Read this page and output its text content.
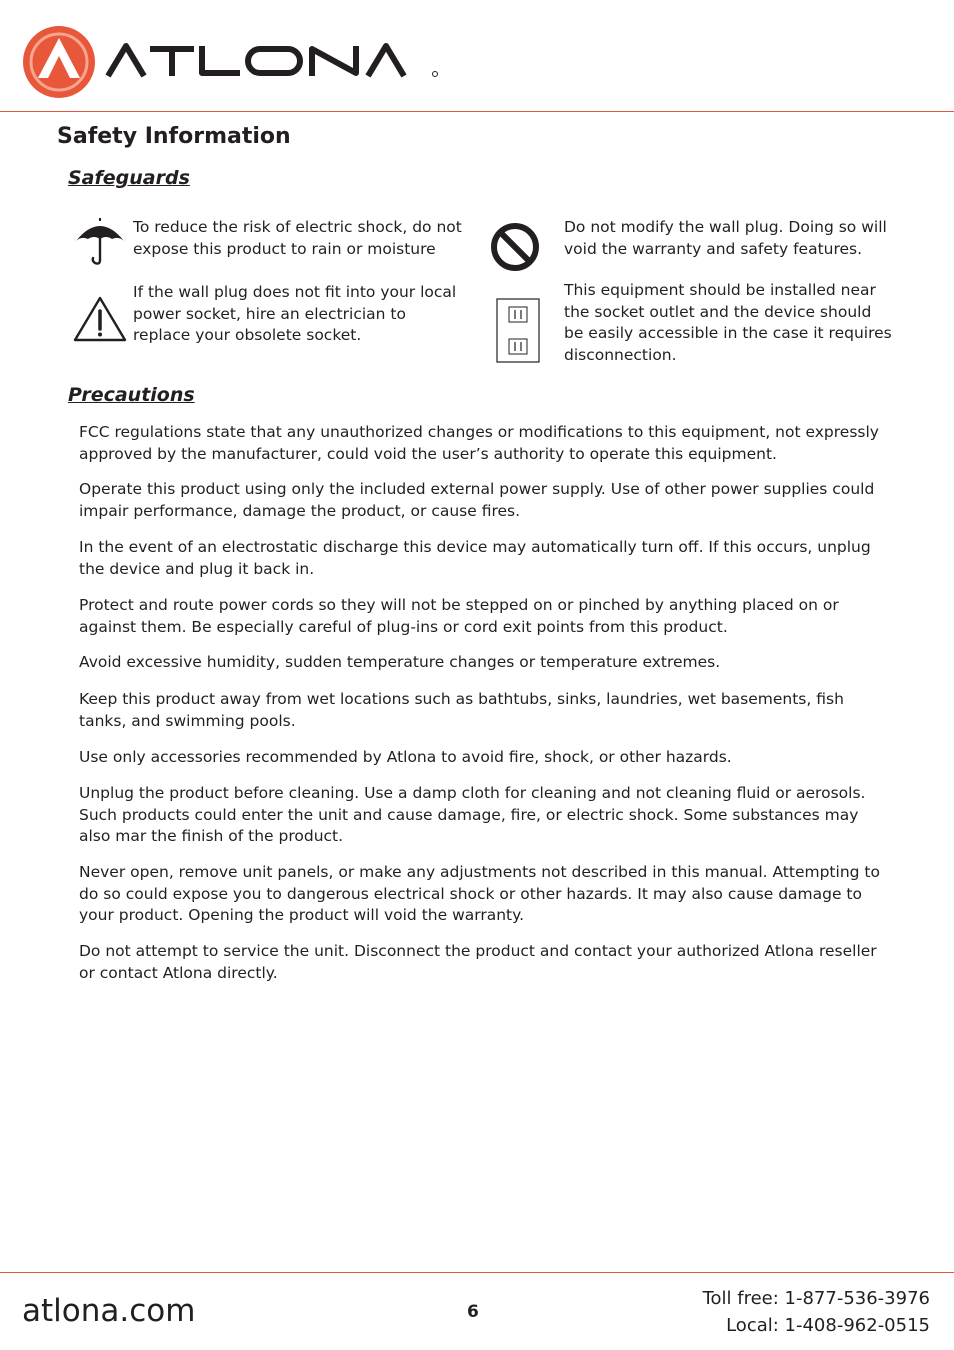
Safety Information
Safeguards
To reduce the risk of electric shock, do not expose this product to rain or moisture
If the wall plug does not fit into your local power socket, hire an electrician to replace your obsolete socket.
Do not modify the wall plug. Doing so will void the warranty and safety features.
This equipment should be installed near the socket outlet and the device should be easily accessible in the case it requires disconnection.
Precautions

FCC regulations state that any unauthorized changes or modifications to this equipment, not expressly approved by the manufacturer, could void the user’s authority to operate this equipment.

Operate this product using only the included external power supply. Use of other power supplies could impair performance, damage the product, or cause fires.

In the event of an electrostatic discharge this device may automatically turn off. If this occurs, unplug the device and plug it back in.

Protect and route power cords so they will not be stepped on or pinched by anything placed on or against them. Be especially careful of plug-ins or cord exit points from this product.

Avoid excessive humidity, sudden temperature changes or temperature extremes.

Keep this product away from wet locations such as bathtubs, sinks, laundries, wet basements, fish tanks, and swimming pools.

Use only accessories recommended by Atlona to avoid fire, shock, or other hazards.

Unplug the product before cleaning. Use a damp cloth for cleaning and not cleaning fluid or aerosols. Such products could enter the unit and cause damage, fire, or electric shock. Some substances may also mar the finish of the product.

Never open, remove unit panels, or make any adjustments not described in this manual. Attempting to do so could expose you to dangerous electrical shock or other hazards. It may also cause damage to your product. Opening the product will void the warranty.

Do not attempt to service the unit. Disconnect the product and contact your authorized Atlona reseller or contact Atlona directly.

atlona.com	6
Toll free: 1-877-536-3976
Local: 1-408-962-0515
